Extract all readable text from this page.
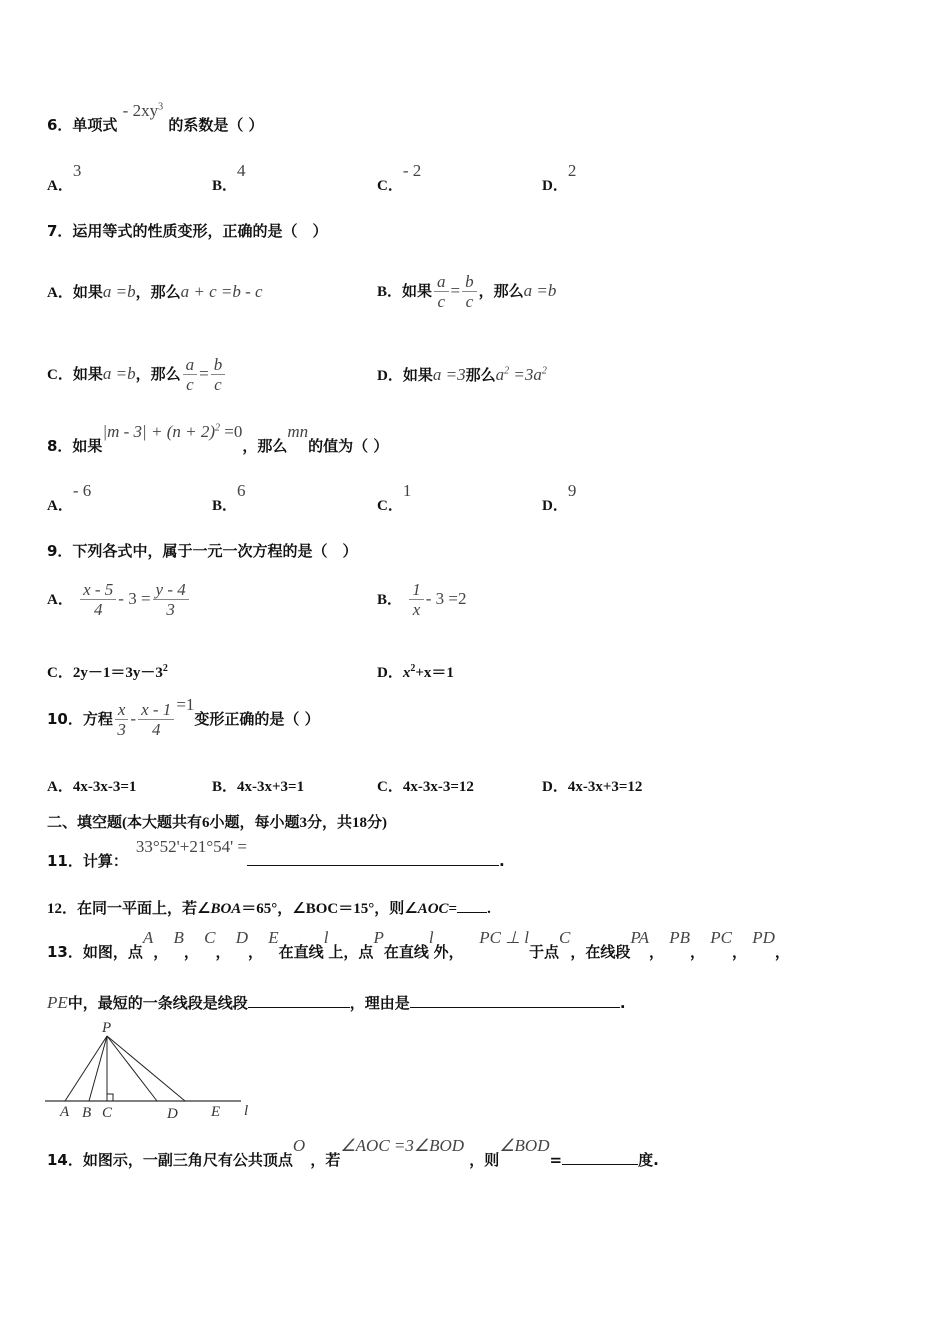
6．单项式 - $2xy^3$ 的系数是（ ）
A．3
B．4
C．- 2
D．2
7．运用等式的性质变形，正确的是（　）
A．如果a =b，那么a + c =b - c	B．如果 $\frac{a}{c} = \frac{b}{c}$ ，那么a =b
C．如果a =b，那么 $\frac{a}{c} = \frac{b}{c}$	D．如果a =3那么$a^2 =3a^2$
8．如果$|m - 3| + (n + 2)^2 =0$，那么mn的值为（ ）
A．- 6
B．6
C．1
D．9
9．下列各式中，属于一元一次方程的是（　）
A． $\frac{x - 5}{4} - 3 = \frac{y - 4}{3}$	B． $\frac{1}{x} - 3 =2$
C．$2y-1=3y-3^2$	D．$x^2+x=1$
10．方程 $\frac{x}{3} - \frac{x - 1}{4} =1$变形正确的是（ ）
A．4x-3x-3=1	B．4x-3x+3=1	C．4x-3x-3=12	D．4x-3x+3=12
二、填空题(本大题共有6小题，每小题3分，共18分)
11．计算：33°52'+21°54' =.
12．在同一平面上，若∠BOA＝65°，∠BOC＝15°，则∠AOC= .
13．如图，点A， B， C， D， E在直线l上，点P在直线l外，   PC ⊥ l于点C，在线段PA， PB， PC， PD，
PE中，最短的一条线段是线段	，理由是	.
P
A B C	D E l
14．如图示，一副三角尺有公共顶点O ，若∠AOC =3∠BOD ，则∠BOD=	度.
